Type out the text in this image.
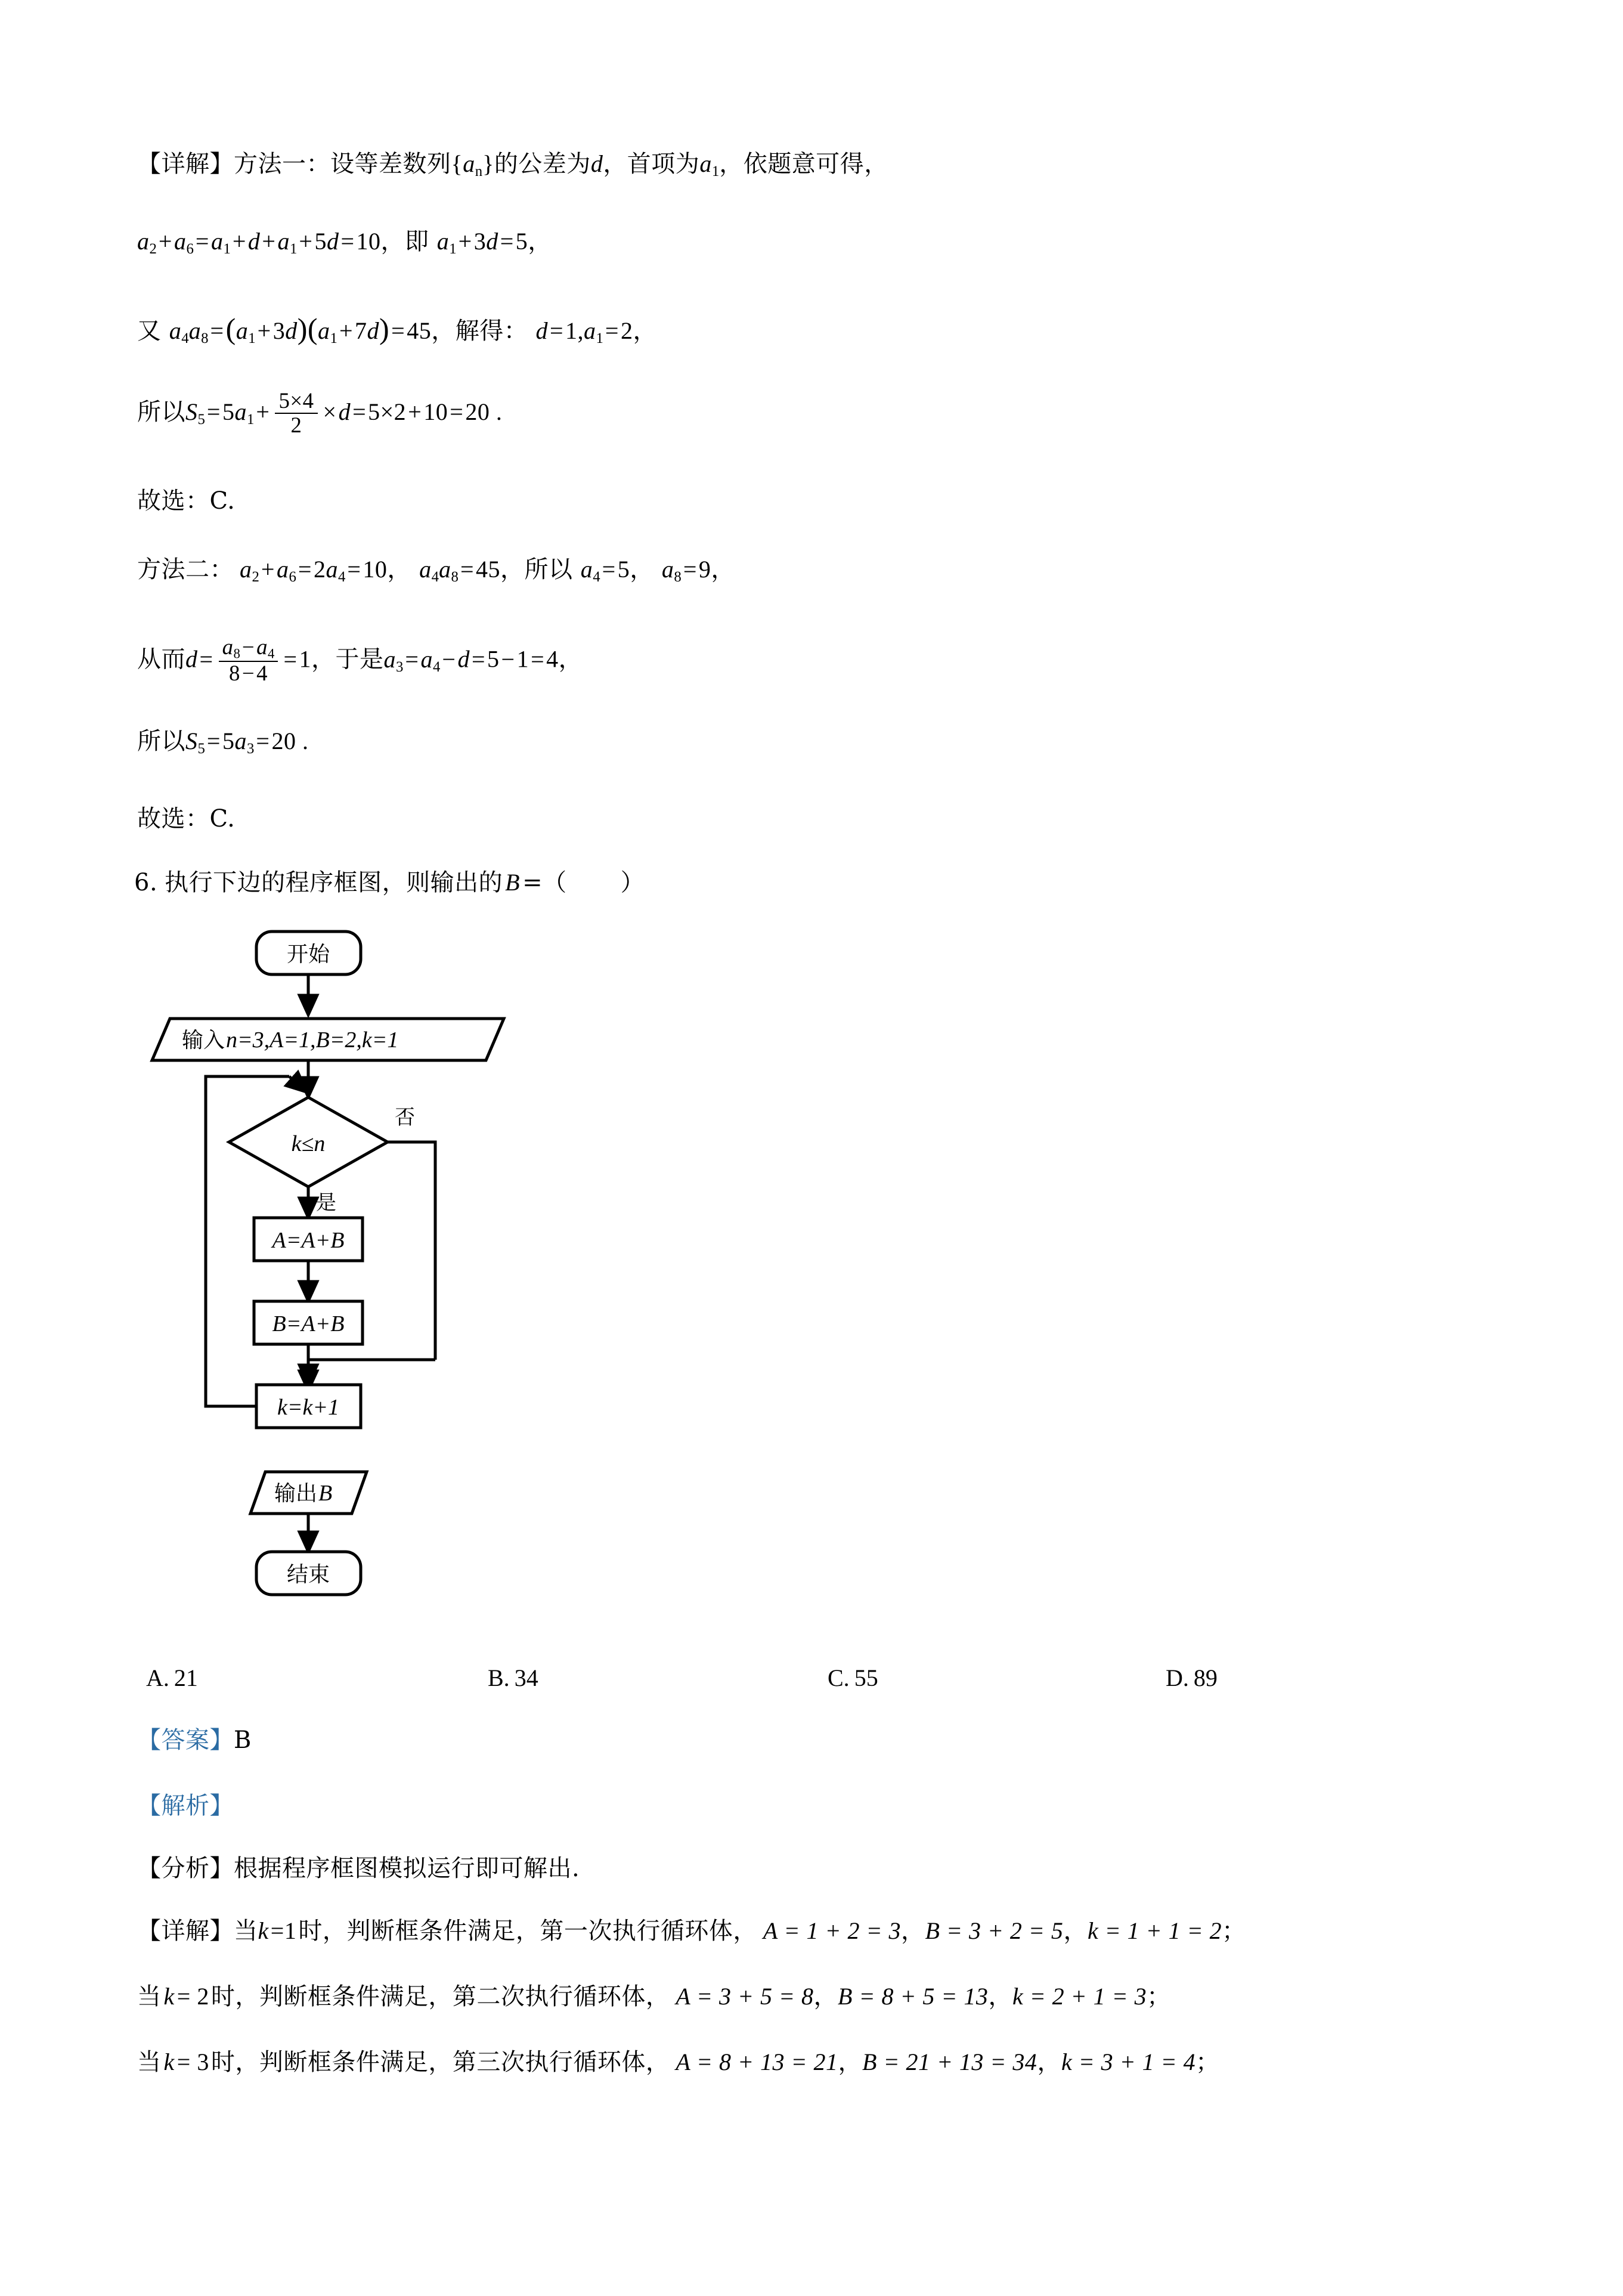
【详解】方法一：设等差数列$\{a_n\}$的公差为d，首项为$a_1$，依题意可得，
$a_2+a_6=a_1+d+a_1+5d=10$，即 $a_1+3d=5$，
又 $a_4a_8=(a_1+3d)(a_1+7d)=45$，解得： $d=1,a_1=2$，
所以$S_5=5a_1+ \frac{5\times 4}{2} \times d=5\times 2+10=20$ .
故选：C.
方法二： $a_2+a_6=2a_4=10$， $a_4a_8=45$，所以 $a_4=5$， $a_8=9$，
从而$d= \frac{a_8-a_4}{8-4} =1$，于是$a_3=a_4-d=5-1=4$，
所以$S_5=5a_3=20$ .
故选：C.
6. 执行下边的程序框图，则输出的 B =（ ）
开始
输入n=3,A=1,B=2,k=1
k≤n
否
是
A=A+B
B=A+B
k=k+1
输出B
结束
A. 21	B. 34	C. 55	D. 89
【答案】B
【解析】
【分析】根据程序框图模拟运行即可解出.
【详解】当k=1时，判断框条件满足，第一次执行循环体， A = 1 + 2 = 3，B = 3 + 2 = 5，k = 1 + 1 = 2；
当 k = 2时，判断框条件满足，第二次执行循环体， A = 3 + 5 = 8，B = 8 + 5 = 13，k = 2 + 1 = 3；
当 k = 3时，判断框条件满足，第三次执行循环体， A = 8 + 13 = 21，B = 21 + 13 = 34，k = 3 + 1 = 4；
